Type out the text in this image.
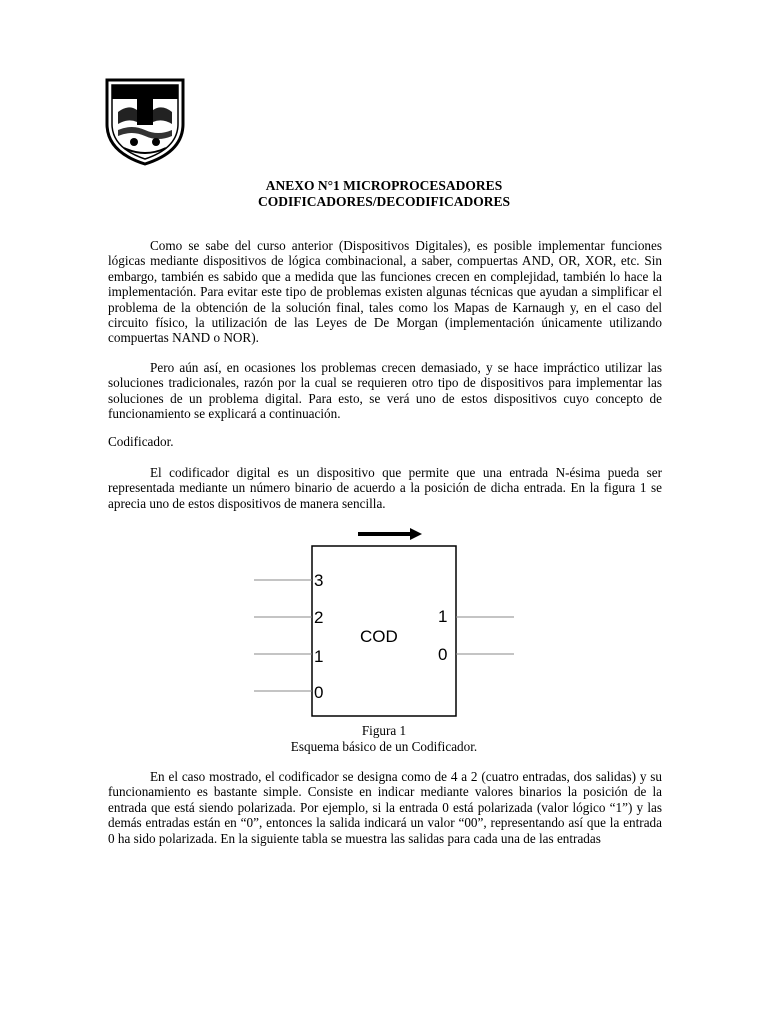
ANEXO N°1 MICROPROCESADORES
CODIFICADORES/DECODIFICADORES

Como se sabe del curso anterior (Dispositivos Digitales), es posible implementar funciones lógicas mediante dispositivos de lógica combinacional, a saber, compuertas AND, OR, XOR, etc. Sin embargo, también es sabido que a medida que las funciones crecen en complejidad, también lo hace la implementación. Para evitar este tipo de problemas existen algunas técnicas que ayudan a simplificar el problema de la obtención de la solución final, tales como los Mapas de Karnaugh y, en el caso del circuito físico, la utilización de las Leyes de De Morgan (implementación únicamente utilizando compuertas NAND o NOR).

Pero aún así, en ocasiones los problemas crecen demasiado, y se hace impráctico utilizar las soluciones tradicionales, razón por la cual se requieren otro tipo de dispositivos para implementar las soluciones de un problema digital. Para esto, se verá uno de estos dispositivos cuyo concepto de funcionamiento se explicará a continuación.

Codificador.

El codificador digital es un dispositivo que permite que una entrada N-ésima pueda ser representada mediante un número binario de acuerdo a la posición de dicha entrada. En la figura 1 se aprecia uno de estos dispositivos de manera sencilla.

3
2
1
0
1
0
COD
Figura 1
Esquema básico de un Codificador.

En el caso mostrado, el codificador se designa como de 4 a 2 (cuatro entradas, dos salidas) y su funcionamiento es bastante simple. Consiste en indicar mediante valores binarios la posición de la entrada que está siendo polarizada. Por ejemplo, si la entrada 0 está polarizada (valor lógico “1”) y las demás entradas están en “0”, entonces la salida indicará un valor “00”, representando así que la entrada 0 ha sido polarizada. En la siguiente tabla se muestra las salidas para cada una de las entradas
